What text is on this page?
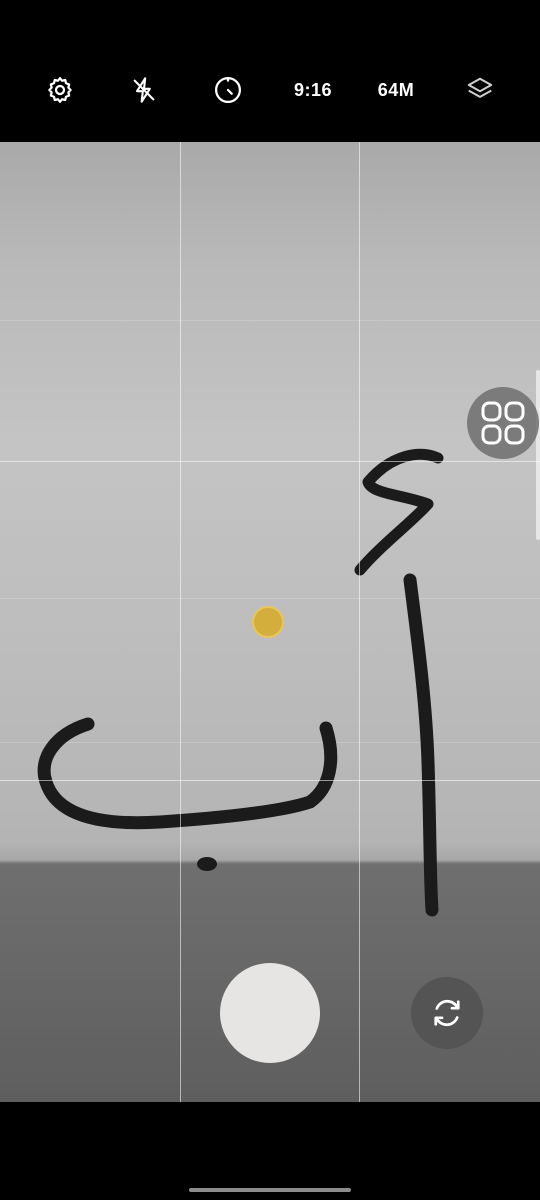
9:16	64M
